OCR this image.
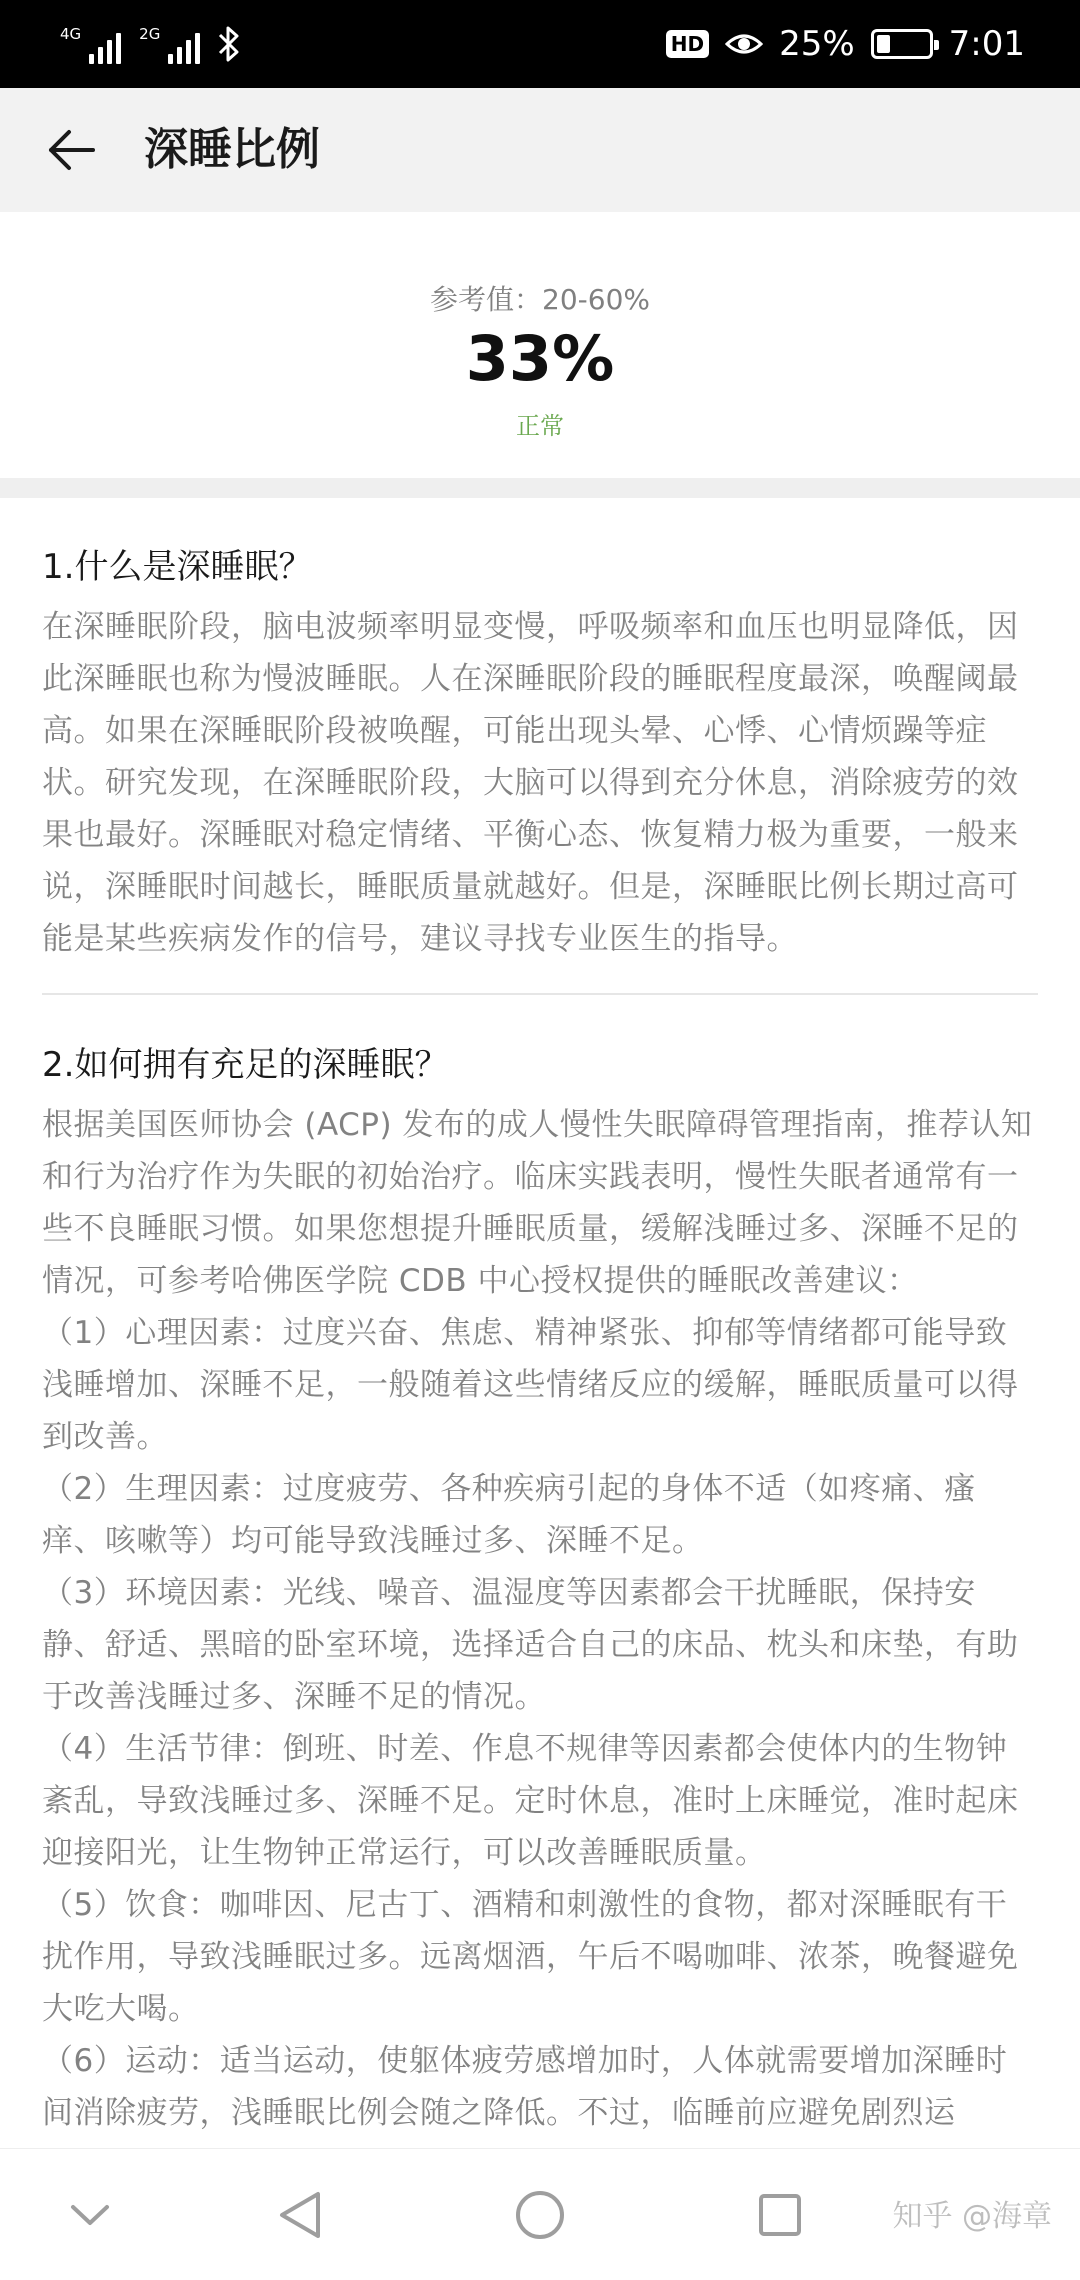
4G	2G	HD 25%	7:01
深睡比例
参考值：20-60%
33%
正常
1.什么是深睡眠？
在深睡眠阶段，脑电波频率明显变慢，呼吸频率和血压也明显降低，因此深睡眠也称为慢波睡眠。人在深睡眠阶段的睡眠程度最深，唤醒阈最高。如果在深睡眠阶段被唤醒，可能出现头晕、心悸、心情烦躁等症状。研究发现，在深睡眠阶段，大脑可以得到充分休息，消除疲劳的效果也最好。深睡眠对稳定情绪、平衡心态、恢复精力极为重要，一般来说，深睡眠时间越长，睡眠质量就越好。但是，深睡眠比例长期过高可能是某些疾病发作的信号，建议寻找专业医生的指导。
2.如何拥有充足的深睡眠？
根据美国医师协会 (ACP) 发布的成人慢性失眠障碍管理指南，推荐认知和行为治疗作为失眠的初始治疗。临床实践表明，慢性失眠者通常有一些不良睡眠习惯。如果您想提升睡眠质量，缓解浅睡过多、深睡不足的情况，可参考哈佛医学院 CDB 中心授权提供的睡眠改善建议：
（1）心理因素：过度兴奋、焦虑、精神紧张、抑郁等情绪都可能导致浅睡增加、深睡不足，一般随着这些情绪反应的缓解，睡眠质量可以得到改善。
（2）生理因素：过度疲劳、各种疾病引起的身体不适（如疼痛、瘙痒、咳嗽等）均可能导致浅睡过多、深睡不足。
（3）环境因素：光线、噪音、温湿度等因素都会干扰睡眠，保持安静、舒适、黑暗的卧室环境，选择适合自己的床品、枕头和床垫，有助于改善浅睡过多、深睡不足的情况。
（4）生活节律：倒班、时差、作息不规律等因素都会使体内的生物钟紊乱，导致浅睡过多、深睡不足。定时休息，准时上床睡觉，准时起床迎接阳光，让生物钟正常运行，可以改善睡眠质量。
（5）饮食：咖啡因、尼古丁、酒精和刺激性的食物，都对深睡眠有干扰作用，导致浅睡眠过多。远离烟酒，午后不喝咖啡、浓茶，晚餐避免大吃大喝。
（6）运动：适当运动，使躯体疲劳感增加时，人体就需要增加深睡时间消除疲劳，浅睡眠比例会随之降低。不过，临睡前应避免剧烈运
知乎 @海章
